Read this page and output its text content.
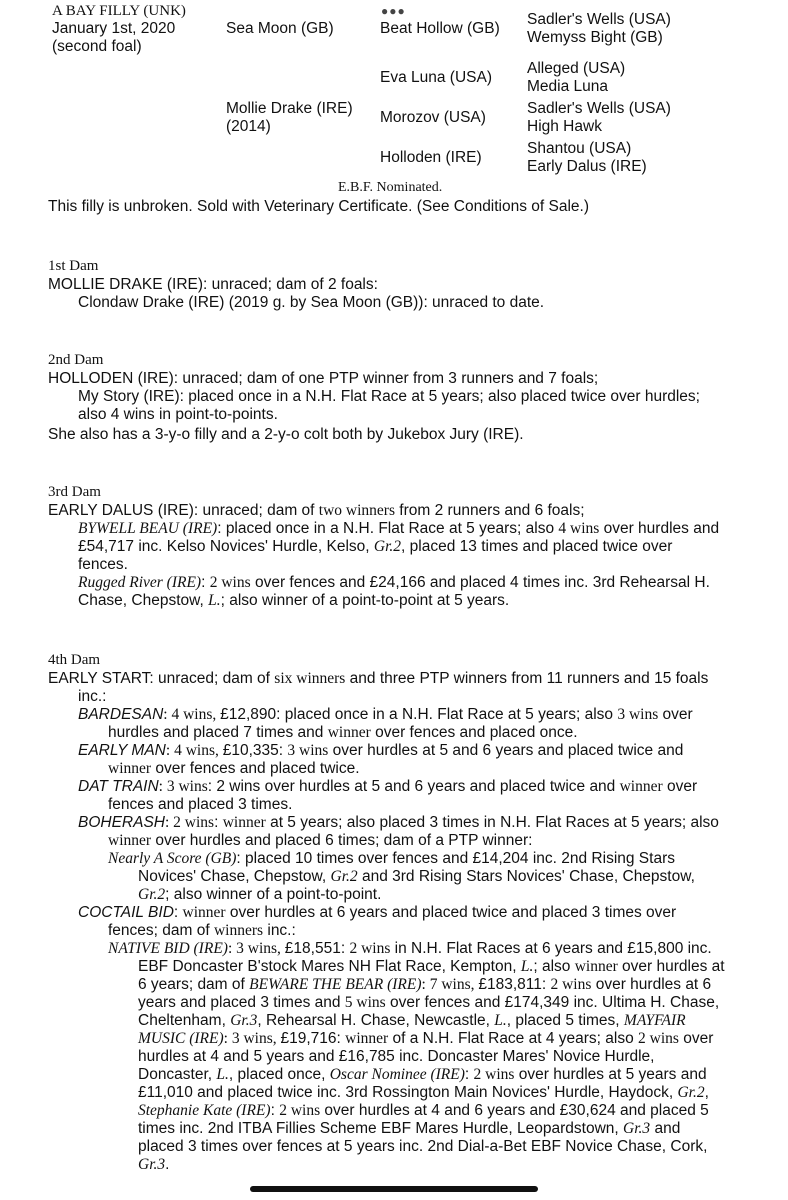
A BAY FILLY (UNK)
January 1st, 2020
(second foal)
●●●
Sea Moon (GB)
Mollie Drake (IRE)
(2014)
Beat Hollow (GB)
Eva Luna (USA)
Morozov (USA)
Holloden (IRE)
Sadler's Wells (USA)
Wemyss Bight (GB)
Alleged (USA)
Media Luna
Sadler's Wells (USA)
High Hawk
Shantou (USA)
Early Dalus (IRE)
E.B.F. Nominated.
This filly is unbroken. Sold with Veterinary Certificate. (See Conditions of Sale.)
1st Dam
MOLLIE DRAKE (IRE): unraced; dam of 2 foals:
Clondaw Drake (IRE) (2019 g. by Sea Moon (GB)): unraced to date.
2nd Dam
HOLLODEN (IRE): unraced; dam of one PTP winner from 3 runners and 7 foals;
My Story (IRE): placed once in a N.H. Flat Race at 5 years; also placed twice over hurdles;
also 4 wins in point-to-points.
She also has a 3-y-o filly and a 2-y-o colt both by Jukebox Jury (IRE).
3rd Dam
EARLY DALUS (IRE): unraced; dam of two winners from 2 runners and 6 foals;
BYWELL BEAU (IRE): placed once in a N.H. Flat Race at 5 years; also 4 wins over hurdles and
£54,717 inc. Kelso Novices' Hurdle, Kelso, Gr.2, placed 13 times and placed twice over
fences.
Rugged River (IRE): 2 wins over fences and £24,166 and placed 4 times inc. 3rd Rehearsal H.
Chase, Chepstow, L.; also winner of a point-to-point at 5 years.
4th Dam
EARLY START: unraced; dam of six winners and three PTP winners from 11 runners and 15 foals
inc.:
BARDESAN: 4 wins, £12,890: placed once in a N.H. Flat Race at 5 years; also 3 wins over
hurdles and placed 7 times and winner over fences and placed once.
EARLY MAN: 4 wins, £10,335: 3 wins over hurdles at 5 and 6 years and placed twice and
winner over fences and placed twice.
DAT TRAIN: 3 wins: 2 wins over hurdles at 5 and 6 years and placed twice and winner over
fences and placed 3 times.
BOHERASH: 2 wins: winner at 5 years; also placed 3 times in N.H. Flat Races at 5 years; also
winner over hurdles and placed 6 times; dam of a PTP winner:
Nearly A Score (GB): placed 10 times over fences and £14,204 inc. 2nd Rising Stars
Novices' Chase, Chepstow, Gr.2 and 3rd Rising Stars Novices' Chase, Chepstow,
Gr.2; also winner of a point-to-point.
COCTAIL BID: winner over hurdles at 6 years and placed twice and placed 3 times over
fences; dam of winners inc.:
NATIVE BID (IRE): 3 wins, £18,551: 2 wins in N.H. Flat Races at 6 years and £15,800 inc.
EBF Doncaster B'stock Mares NH Flat Race, Kempton, L.; also winner over hurdles at
6 years; dam of BEWARE THE BEAR (IRE): 7 wins, £183,811: 2 wins over hurdles at 6
years and placed 3 times and 5 wins over fences and £174,349 inc. Ultima H. Chase,
Cheltenham, Gr.3, Rehearsal H. Chase, Newcastle, L., placed 5 times, MAYFAIR
MUSIC (IRE): 3 wins, £19,716: winner of a N.H. Flat Race at 4 years; also 2 wins over
hurdles at 4 and 5 years and £16,785 inc. Doncaster Mares' Novice Hurdle,
Doncaster, L., placed once, Oscar Nominee (IRE): 2 wins over hurdles at 5 years and
£11,010 and placed twice inc. 3rd Rossington Main Novices' Hurdle, Haydock, Gr.2,
Stephanie Kate (IRE): 2 wins over hurdles at 4 and 6 years and £30,624 and placed 5
times inc. 2nd ITBA Fillies Scheme EBF Mares Hurdle, Leopardstown, Gr.3 and
placed 3 times over fences at 5 years inc. 2nd Dial-a-Bet EBF Novice Chase, Cork,
Gr.3.
